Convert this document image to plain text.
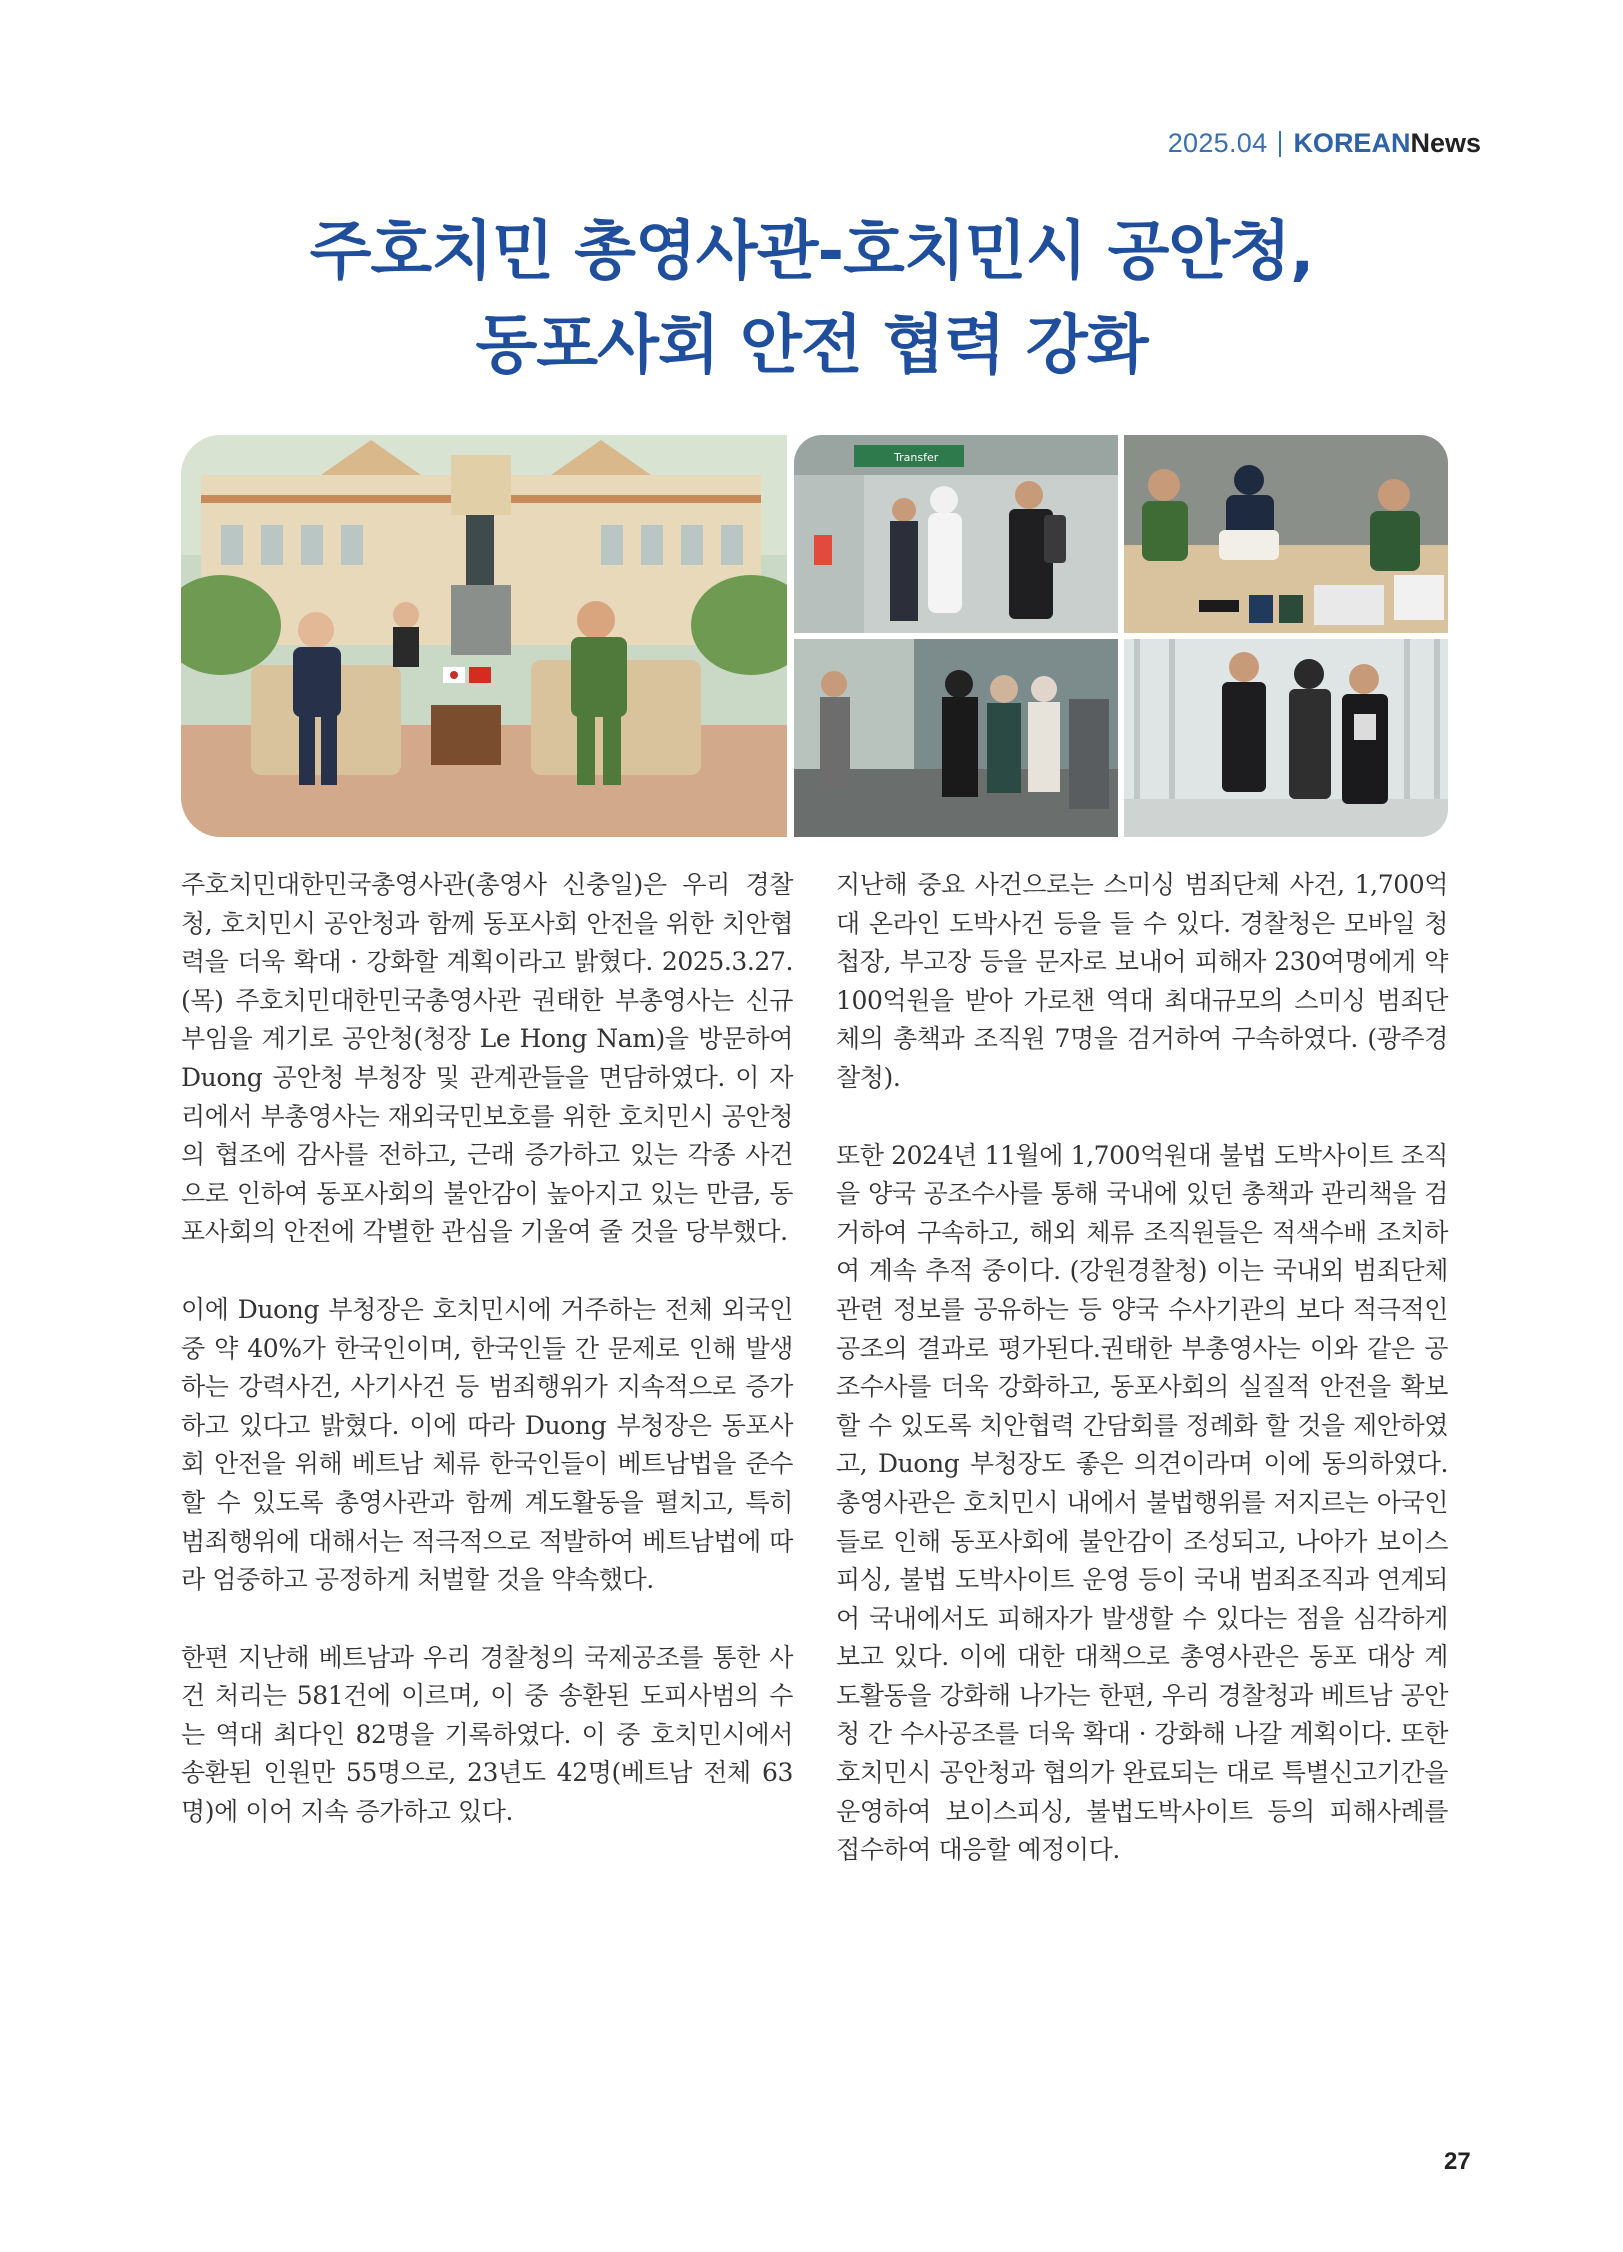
2025.04 KOREANNews
주호치민 총영사관-호치민시 공안청,
동포사회 안전 협력 강화
Transfer

주호치민대한민국총영사관(총영사 신충일)은 우리 경찰청, 호치민시 공안청과 함께 동포사회 안전을 위한 치안협력을 더욱 확대 · 강화할 계획이라고 밝혔다. 2025.3.27.(목) 주호치민대한민국총영사관 권태한 부총영사는 신규 부임을 계기로 공안청(청장 Le Hong Nam)을 방문하여 Duong 공안청 부청장 및 관계관들을 면담하였다. 이 자리에서 부총영사는 재외국민보호를 위한 호치민시 공안청의 협조에 감사를 전하고, 근래 증가하고 있는 각종 사건으로 인하여 동포사회의 불안감이 높아지고 있는 만큼, 동포사회의 안전에 각별한 관심을 기울여 줄 것을 당부했다.

이에 Duong 부청장은 호치민시에 거주하는 전체 외국인 중 약 40%가 한국인이며, 한국인들 간 문제로 인해 발생하는 강력사건, 사기사건 등 범죄행위가 지속적으로 증가하고 있다고 밝혔다. 이에 따라 Duong 부청장은 동포사회 안전을 위해 베트남 체류 한국인들이 베트남법을 준수할 수 있도록 총영사관과 함께 계도활동을 펼치고, 특히 범죄행위에 대해서는 적극적으로 적발하여 베트남법에 따라 엄중하고 공정하게 처벌할 것을 약속했다.

한편 지난해 베트남과 우리 경찰청의 국제공조를 통한 사건 처리는 581건에 이르며, 이 중 송환된 도피사범의 수는 역대 최다인 82명을 기록하였다. 이 중 호치민시에서 송환된 인원만 55명으로, 23년도 42명(베트남 전체 63명)에 이어 지속 증가하고 있다.

지난해 중요 사건으로는 스미싱 범죄단체 사건, 1,700억대 온라인 도박사건 등을 들 수 있다. 경찰청은 모바일 청첩장, 부고장 등을 문자로 보내어 피해자 230여명에게 약 100억원을 받아 가로챈 역대 최대규모의 스미싱 범죄단체의 총책과 조직원 7명을 검거하여 구속하였다. (광주경찰청).

또한 2024년 11월에 1,700억원대 불법 도박사이트 조직을 양국 공조수사를 통해 국내에 있던 총책과 관리책을 검거하여 구속하고, 해외 체류 조직원들은 적색수배 조치하여 계속 추적 중이다. (강원경찰청) 이는 국내외 범죄단체 관련 정보를 공유하는 등 양국 수사기관의 보다 적극적인 공조의 결과로 평가된다.권태한 부총영사는 이와 같은 공조수사를 더욱 강화하고, 동포사회의 실질적 안전을 확보할 수 있도록 치안협력 간담회를 정례화 할 것을 제안하였고, Duong 부청장도 좋은 의견이라며 이에 동의하였다. 총영사관은 호치민시 내에서 불법행위를 저지르는 아국인들로 인해 동포사회에 불안감이 조성되고, 나아가 보이스피싱, 불법 도박사이트 운영 등이 국내 범죄조직과 연계되어 국내에서도 피해자가 발생할 수 있다는 점을 심각하게 보고 있다. 이에 대한 대책으로 총영사관은 동포 대상 계도활동을 강화해 나가는 한편, 우리 경찰청과 베트남 공안청 간 수사공조를 더욱 확대 · 강화해 나갈 계획이다. 또한 호치민시 공안청과 협의가 완료되는 대로 특별신고기간을 운영하여 보이스피싱, 불법도박사이트 등의 피해사례를 접수하여 대응할 예정이다.

27
